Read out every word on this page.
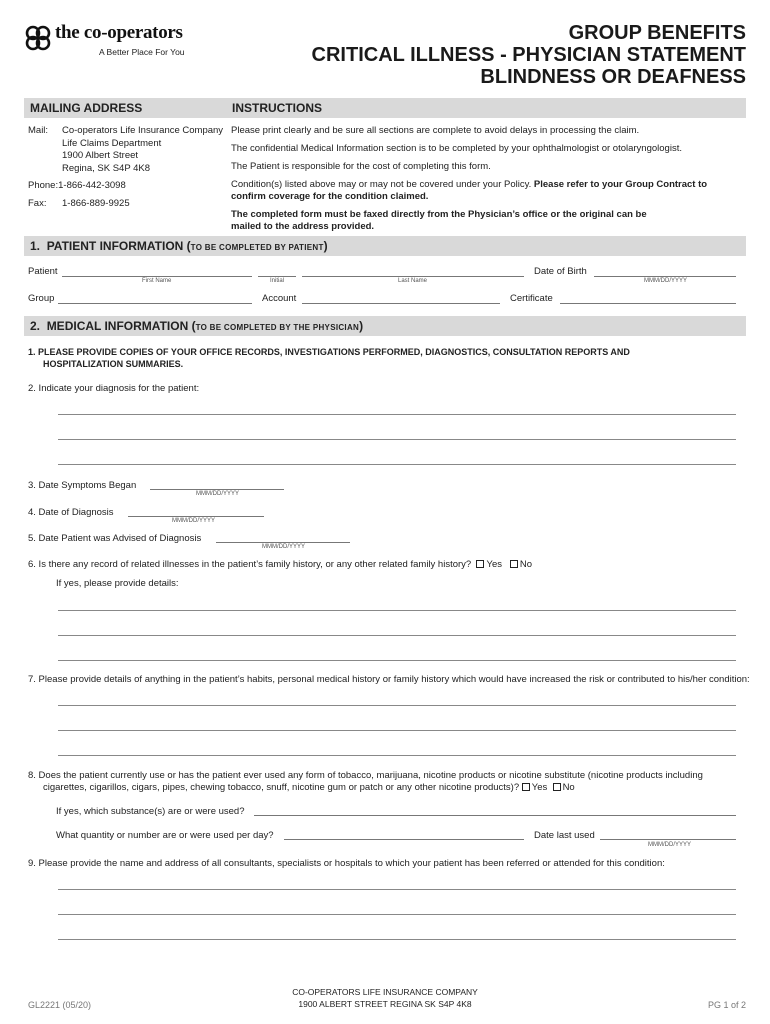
the co-operators
A Better Place For You
GROUP BENEFITS
CRITICAL ILLNESS - PHYSICIAN STATEMENT
BLINDNESS OR DEAFNESS
MAILING ADDRESS	INSTRUCTIONS
Mail: Co-operators Life Insurance Company
Life Claims Department
1900 Albert Street
Regina, SK S4P 4K8
Phone:1-866-442-3098
Fax: 1-866-889-9925
Please print clearly and be sure all sections are complete to avoid delays in processing the claim.
The confidential Medical Information section is to be completed by your ophthalmologist or otolaryngologist.
The Patient is responsible for the cost of completing this form.
Condition(s) listed above may or may not be covered under your Policy. Please refer to your Group Contract to
confirm coverage for the condition claimed.
The completed form must be faxed directly from the Physician’s office or the original can be
mailed to the address provided.
1. PATIENT INFORMATION (TO BE COMPLETED BY PATIENT)
Patient
First Name	Initial	Last Name
Date of Birth
MMM/DD/YYYY
Group	Account	Certificate
2. MEDICAL INFORMATION (TO BE COMPLETED BY THE PHYSICIAN)
1. PLEASE PROVIDE COPIES OF YOUR OFFICE RECORDS, INVESTIGATIONS PERFORMED, DIAGNOSTICS, CONSULTATION REPORTS AND
HOSPITALIZATION SUMMARIES.
2. Indicate your diagnosis for the patient:
3. Date Symptoms Began
MMM/DD/YYYY
4. Date of Diagnosis
MMM/DD/YYYY
5. Date Patient was Advised of Diagnosis
MMM/DD/YYYY
6. Is there any record of related illnesses in the patient’s family history, or any other related family history? Yes No
If yes, please provide details:
7. Please provide details of anything in the patient’s habits, personal medical history or family history which would have increased the risk or contributed to his/her condition:
8. Does the patient currently use or has the patient ever used any form of tobacco, marijuana, nicotine products or nicotine substitute (nicotine products including
cigarettes, cigarillos, cigars, pipes, chewing tobacco, snuff, nicotine gum or patch or any other nicotine products)? Yes No
If yes, which substance(s) are or were used?
What quantity or number are or were used per day?	Date last used
MMM/DD/YYYY
9. Please provide the name and address of all consultants, specialists or hospitals to which your patient has been referred or attended for this condition:
GL2221 (05/20)
CO-OPERATORS LIFE INSURANCE COMPANY
1900 ALBERT STREET REGINA SK S4P 4K8	PG 1 of 2
